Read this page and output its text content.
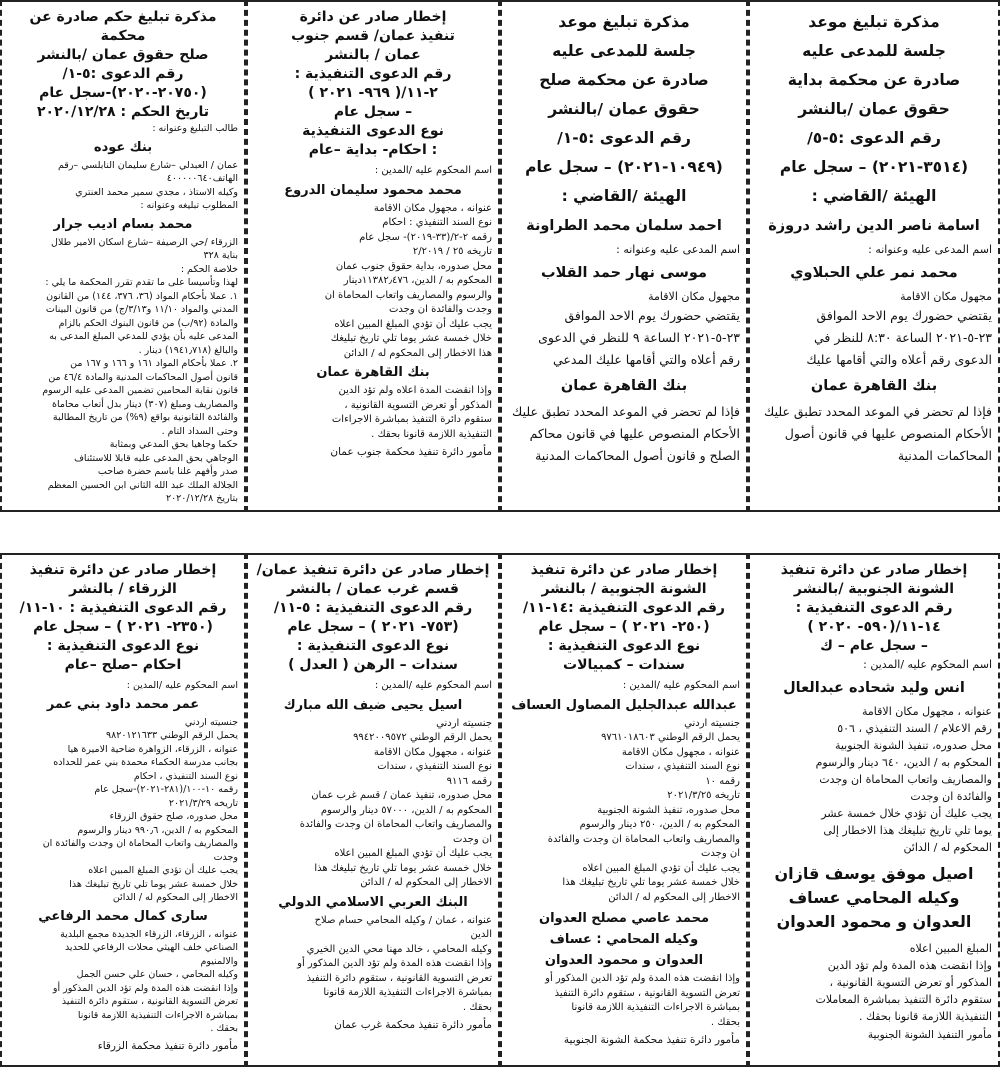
مذكرة تبليغ موعد
جلسة للمدعى عليه
صادرة عن محكمة بداية
حقوق عمان /بالنشر
رقم الدعوى :٥-٥/
(٣٥١٤-٢٠٢١) – سجل عام
الهيئة /القاضي :
اسامة ناصر الدين راشد دروزة
اسم المدعى عليه وعنوانه :
محمد نمر علي الحبلاوي
مجهول مكان الاقامة
يقتضي حضورك يوم الاحد الموافق
٢٣-٥-٢٠٢١ الساعة ٨:٣٠ للنظر في
الدعوى رقم أعلاه والتي أقامها عليك
بنك القاهرة عمان
فإذا لم تحضر في الموعد المحدد تطبق عليك
الأحكام المنصوص عليها في قانون أصول
المحاكمات المدنية
مذكرة تبليغ موعد
جلسة للمدعى عليه
صادرة عن محكمة صلح
حقوق عمان /بالنشر
رقم الدعوى :٥-١/
(١٠٩٤٩-٢٠٢١) – سجل عام
الهيئة /القاضي :
احمد سلمان محمد الطراونة
اسم المدعى عليه وعنوانه :
موسى نهار حمد القلاب
مجهول مكان الاقامة
يقتضي حضورك يوم الاحد الموافق
٢٣-٥-٢٠٢١ الساعة ٩ للنظر في الدعوى
رقم أعلاه والتي أقامها عليك المدعي
بنك القاهرة عمان
فإذا لم تحضر في الموعد المحدد تطبق عليك
الأحكام المنصوص عليها في قانون محاكم
الصلح و قانون أصول المحاكمات المدنية
إخطار صادر عن دائرة
تنفيذ عمان/ قسم جنوب
عمان / بالنشر
رقم الدعوى التنفيذية :
٢-١١/( ٩٦٩- ٢٠٢١ )
– سجل عام
نوع الدعوى التنفيذية
: احكام- بداية –عام
اسم المحكوم عليه /المدين :
محمد محمود سليمان الدروع
عنوانه ، مجهول مكان الاقامة
نوع السند التنفيذي : احكام
رقمه ٢-٢/(٣٣-٢٠١٩)- سجل عام
تاريخه ٢٥ / ٢/٢٠١٩
محل صدوره، بداية حقوق جنوب عمان
المحكوم به / الدين، ١١٣٨٢٫٤٧٦دينار
والرسوم والمصاريف واتعاب المحاماة ان
وجدت والفائدة ان وجدت
يجب عليك أن تؤدي المبلغ المبين اعلاه
خلال خمسة عشر يوما تلي تاريخ تبليغك
هذا الاخطار إلى المحكوم له / الدائن
بنك القاهرة عمان
وإذا انقضت المدة اعلاه ولم تؤد الدين
المذكور أو تعرض التسوية القانونية ،
ستقوم دائرة التنفيذ بمباشرة الاجراءات
التنفيذية اللازمة قانونا بحقك .
مأمور دائرة تنفيذ محكمة جنوب عمان
مذكرة تبليغ حكم صادرة عن محكمة
صلح حقوق عمان /بالنشر
رقم الدعوى :٥-١/
(٢٠٧٥٠-٢٠٢٠)-سجل عام
تاريخ الحكم : ٢٠٢٠/١٢/٢٨
طالب التبليغ وعنوانه :
بنك عوده
عمان / العبدلي –شارع سليمان النابلسي –رقم
الهاتف٤٠٠٠٠٠٦٤٠
وكيله الاستاذ ، مجدي سمير محمد العنتري
المطلوب تبليغه وعنوانه :
محمد بسام اديب جرار
الزرقاء /حي الرصيفة –شارع اسكان الامير طلال
بناية ٣٢٨
خلاصة الحكم :
لهذا وتأسيسا على ما تقدم تقرر المحكمة ما يلي :
١. عملا بأحكام المواد (٣٦، ٣٧٦، ١٤٤) من القانون
المدني والمواد ١١/١٠ و٣/١٣/ج) من قانون البينات
والمادة (٩٢/ب) من قانون البنوك الحكم بالزام
المدعى عليه بأن يؤدي للمدعي المبلغ المدعى به
والبالغ (١٩٤١٫٧١٨) دينار .
٢. عملا بأحكام المواد ١٦١ و ١٦٦ و ١٦٧ من
قانون أصول المحاكمات المدنية والمادة ٤٦/٤ من
قانون نقابة المحامين تضمين المدعى عليه الرسوم
والمصاريف ومبلغ (٣٠٧) دينار بدل أتعاب محاماة
والفائدة القانونية بواقع (٩%) من تاريخ المطالبة
وحتى السداد التام .
حكما وجاهيا بحق المدعي وبمثابة
الوجاهي بحق المدعى عليه قابلا للاستئناف
صدر وأفهم علنا باسم حضرة صاحب
الجلالة الملك عبد الله الثاني ابن الحسين المعظم
بتاريخ ٢٠٢٠/١٢/٢٨
إخطار صادر عن دائرة تنفيذ
الشونة الجنوبية /بالنشر
رقم الدعوى التنفيذية :
١٤-١١/(٥٩٠- ٢٠٢٠ )
– سجل عام – ك
اسم المحكوم عليه /المدين :
انس وليد شحاده عبدالعال
عنوانه ، مجهول مكان الاقامة
رقم الاعلام / السند التنفيذي ، ٥٠٦
محل صدوره، تنفيذ الشونة الجنوبية
المحكوم به / الدين، ٦٤٠ دينار والرسوم
والمصاريف واتعاب المحاماة ان وجدت
والفائدة ان وجدت
يجب عليك أن تؤدي خلال خمسة عشر
يوما تلي تاريخ تبليغك هذا الاخطار إلى
المحكوم له / الدائن
اصيل موفق يوسف قازان
وكيله المحامي عساف
العدوان و محمود العدوان
المبلغ المبين اعلاه
وإذا انقضت هذه المدة ولم تؤد الدين
المذكور أو تعرض التسوية القانونية ،
ستقوم دائرة التنفيذ بمباشرة المعاملات
التنفيذية اللازمة قانونا بحقك .
مأمور التنفيذ الشونة الجنوبية
إخطار صادر عن دائرة تنفيذ
الشونة الجنوبية / بالنشر
رقم الدعوى التنفيذية :١٤-١١/
(٢٥٠- ٢٠٢١ ) – سجل عام
نوع الدعوى التنفيذية :
سندات – كمبيالات
اسم المحكوم عليه /المدين :
عبدالله عبدالجليل المصاول العساف
جنسيته اردني
يحمل الرقم الوطني ٩٧٦١٠١٨٦٠٣
عنوانه ، مجهول مكان الاقامة
نوع السند التنفيذي ، سندات
رقمه ١٠
تاريخه ٢٠٢١/٣/٢٥
محل صدوره، تنفيذ الشونة الجنوبية
المحكوم به / الدين، ٢٥٠ دينار والرسوم
والمصاريف واتعاب المحاماة ان وجدت والفائدة
ان وجدت
يجب عليك أن تؤدي المبلغ المبين اعلاه
خلال خمسة عشر يوما تلي تاريخ تبليغك هذا
الاخطار إلى المحكوم له / الدائن
محمد عاصي مصلح العدوان
وكيله المحامي : عساف
العدوان و محمود العدوان
وإذا انقضت هذه المدة ولم تؤد الدين المذكور أو
تعرض التسوية القانونية ، ستقوم دائرة التنفيذ
بمباشرة الاجراءات التنفيذية اللازمة قانونا
بحقك .
مأمور دائرة تنفيذ محكمة الشونة الجنوبية
إخطار صادر عن دائرة تنفيذ عمان/
قسم غرب عمان / بالنشر
رقم الدعوى التنفيذية : ٥-١١/
(٧٥٣- ٢٠٢١ ) – سجل عام
نوع الدعوى التنفيذية :
سندات – الرهن ( العدل )
اسم المحكوم عليه /المدين :
اسيل يحيى ضيف الله مبارك
جنسيته اردني
يحمل الرقم الوطني ٩٩٤٢٠٠٩٥٧٢
عنوانه ، مجهول مكان الاقامة
نوع السند التنفيذي ، سندات
رقمه ٩١١٦
محل صدوره، تنفيذ عمان / قسم غرب عمان
المحكوم به / الدين، ٥٧٠٠٠ دينار والرسوم
والمصاريف واتعاب المحاماة ان وجدت والفائدة
ان وجدت
يجب عليك أن تؤدي المبلغ المبين اعلاه
خلال خمسة عشر يوما تلي تاريخ تبليغك هذا
الاخطار إلى المحكوم له / الدائن
البنك العربي الاسلامي الدولي
عنوانه ، عمان / وكيله المحامي حسام صلاح
الدين
وكيله المحامي ، خالد مهنا محي الدين الخيري
وإذا انقضت هذه المدة ولم تؤد الدين المذكور أو
تعرض التسوية القانونية ، ستقوم دائرة التنفيذ
بمباشرة الاجراءات التنفيذية اللازمة قانونا
بحقك .
مأمور دائرة تنفيذ محكمة غرب عمان
إخطار صادر عن دائرة تنفيذ
الزرقاء / بالنشر
رقم الدعوى التنفيذية : ١٠-١١/
(٢٣٥٠- ٢٠٢١ ) – سجل عام
نوع الدعوى التنفيذية :
احكام –صلح –عام
اسم المحكوم عليه /المدين :
عمر محمد داود بني عمر
جنسيته اردني
يحمل الرقم الوطني ٩٨٢٠١٢١٦٣٣
عنوانه ، الزرقاء، الزواهرة ضاحية الاميرة هيا
بجانب مدرسة الحكماء محمدة بني عمر للحداده
نوع السند التنفيذي ، احكام
رقمه ١٠-١٠٠/(٢٨١-٢٠٢١)-سجل عام
تاريخه ٢٠٢١/٣/٢٩
محل صدوره، صلح حقوق الزرقاء
المحكوم به / الدين، ٩٩٠٫٦ دينار والرسوم
والمصاريف واتعاب المحاماة ان وجدت والفائدة ان
وجدت
يجب عليك أن تؤدي المبلغ المبين اعلاه
خلال خمسة عشر يوما تلي تاريخ تبليغك هذا
الاخطار إلى المحكوم له / الدائن
سارى كمال محمد الرفاعي
عنوانه ، الزرقاء، الزرقاء الجديدة مجمع البلدية
الصناعي خلف الهيثي محلات الرفاعي للحديد
والالمنيوم
وكيله المحامي ، حسان علي حسن الجمل
وإذا انقضت هذه المدة ولم تؤد الدين المذكور أو
تعرض التسوية القانونية ، ستقوم دائرة التنفيذ
بمباشرة الاجراءات التنفيذية اللازمة قانونا
بحقك .
مأمور دائرة تنفيذ محكمة الزرقاء
